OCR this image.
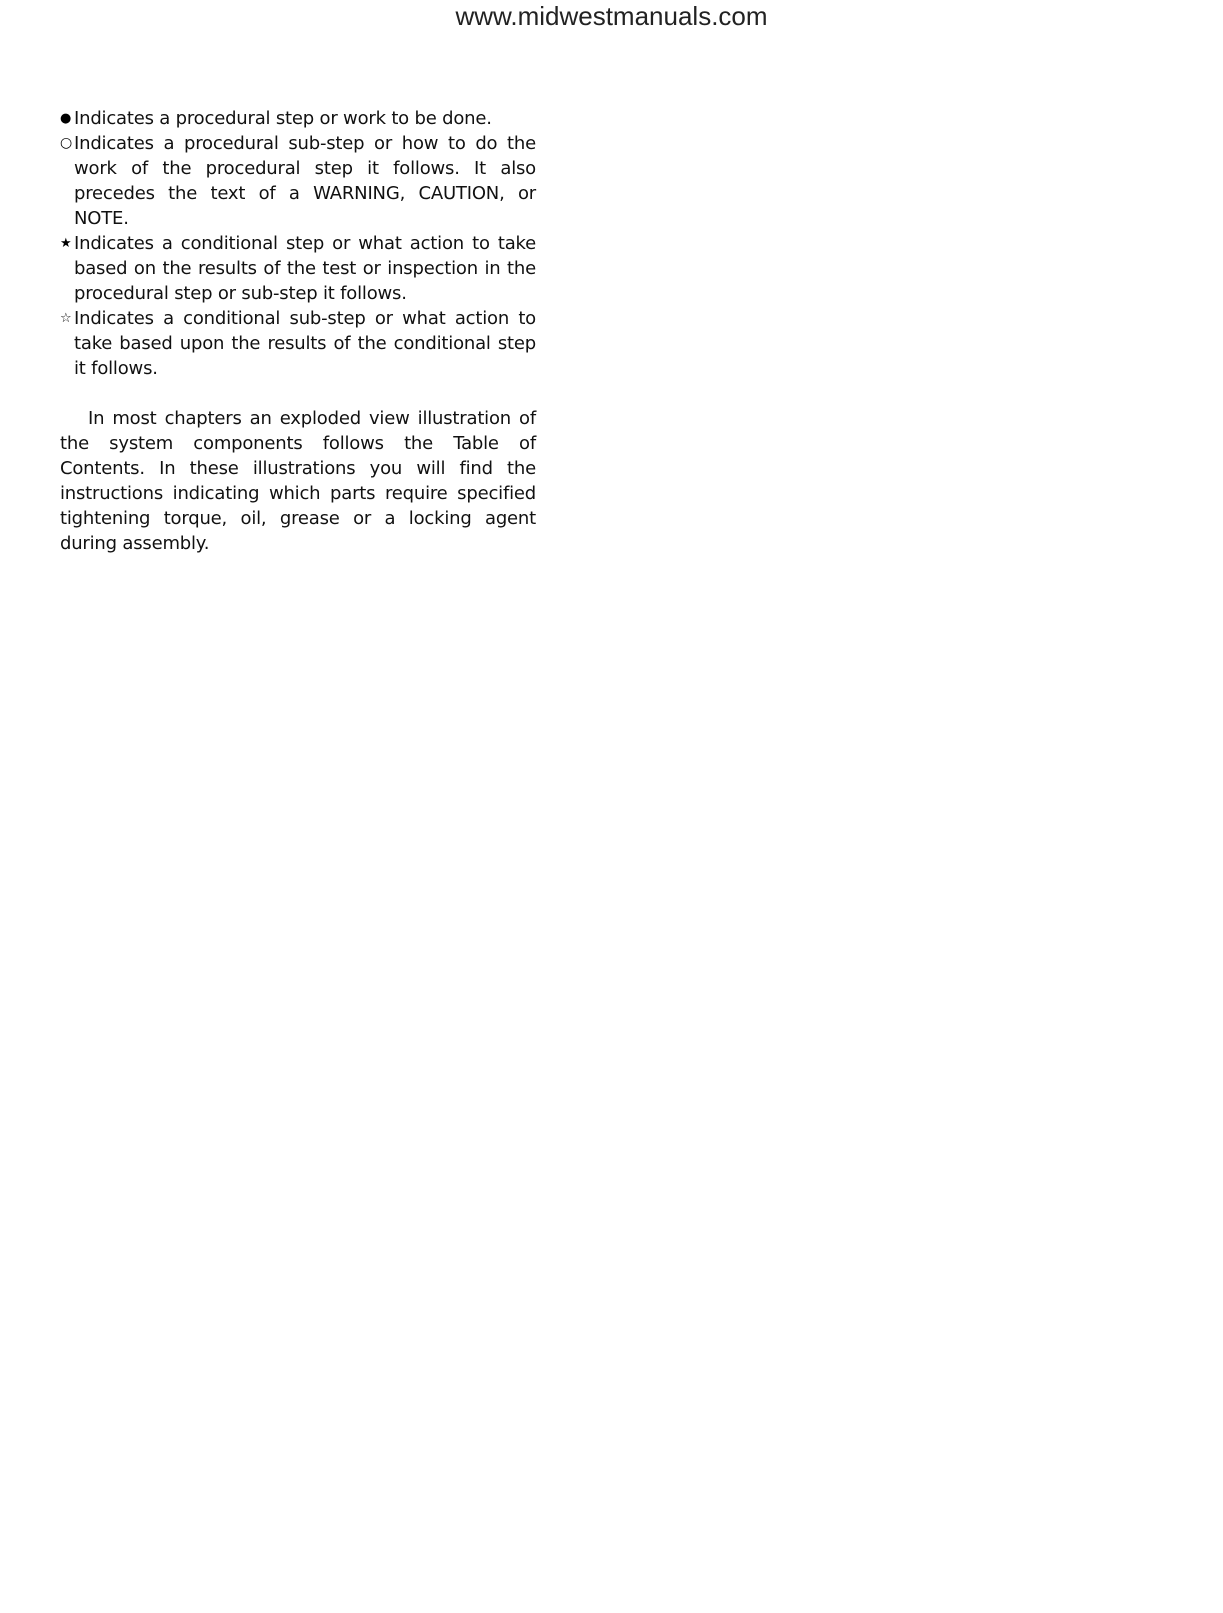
www.midwestmanuals.com
● Indicates a procedural step or work to be done.
○ Indicates a procedural sub-step or how to do the work of the procedural step it follows. It also precedes the text of a WARNING, CAUTION, or NOTE.
★ Indicates a conditional step or what action to take based on the results of the test or inspection in the procedural step or sub-step it follows.
☆ Indicates a conditional sub-step or what action to take based upon the results of the conditional step it follows.

In most chapters an exploded view illustration of the system components follows the Table of Contents. In these illustrations you will find the instructions indicating which parts require specified tightening torque, oil, grease or a locking agent during assembly.
